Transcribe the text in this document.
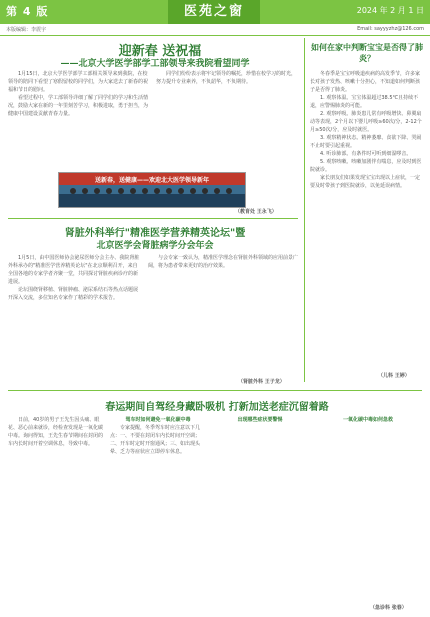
第 4 版	医苑之窗	2024 年 2 月 1 日
本版编辑：李震宇	Email: sayyyzhz@126.com
迎新春 送祝福
——北京大学医学部学工部领导来我院看望同学

1月15日，北京大学医学部学工部相关领导来到我院，在校领导的陪同下看望了寒假留校的同学们，为大家送去了新春的祝福和节日的慰问。

看望过程中，学工部领导详细了解了同学们的学习和生活情况，鼓励大家在新的一年里刻苦学习，积极进取，勇于担当，为健康中国建设贡献青春力量。

同学们纷纷表示将牢记领导的嘱托，珍惜在校学习的时光，努力提升专业素养，不负韶华，不负期待。

送新春，送健康——欢迎北大医学领导新年
（教育处 王永飞）
肾脏外科举行"精准医学营养精英论坛"暨
北京医学会肾脏病学分会年会

1月5日，由中国医师协会泌尿医师分会主办、我院肾脏外科承办的"精准医学营养精英论坛"在北京顺利召开，来自全国各地的专家学者齐聚一堂，共同探讨肾脏疾病诊疗的新进展。

论坛围绕肾移植、肾脏肿瘤、泌尿系结石等热点话题展开深入交流，多位知名专家作了精彩的学术报告。

与会专家一致认为，精准医学理念在肾脏外科领域的应用前景广阔，将为患者带来更好的治疗效果。

（肾脏外科 王子龙）
如何在家中判断宝宝是否得了肺炎？

冬春季是宝宝呼吸道疾病的高发季节，许多家长对孩子发热、咳嗽十分担心，不知道如何判断孩子是否得了肺炎。

1. 观察体温。宝宝体温超过38.5℃且持续不退，应警惕肺炎的可能。

2. 观察呼吸。肺炎患儿常有呼吸增快、鼻翼扇动等表现，2个月以下婴儿呼吸≥60次/分，2-12个月≥50次/分，应及时就医。

3. 观察精神状态。精神萎靡、食欲下降、哭闹不止时要引起重视。

4. 听诊肺部。有条件时可听到细湿啰音。

5. 观察咳嗽。咳嗽加剧伴有喘息，应及时到医院就诊。

家长朋友们如果发现宝宝出现以上症状，一定要及时带孩子到医院就诊，以免延误病情。

（儿科 王婷）
春运期间自驾经身藏卧吸机 打新加送老症沉留着路

日前，40岁的男子王先生因头痛、眼花、恶心前来就诊，经检查发现是一氧化碳中毒。询问得知，王先生春节期间在封闭的车内长时间开着空调休息，导致中毒。

驾车时如何避免一氧化碳中毒

专家提醒，冬季驾车时应注意以下几点：一、不要在封闭车内长时间开空调；二、开车时定时开窗通风；三、如出现头晕、乏力等症状应立即停车休息。

出现哪些症状要警惕	一氧化碳中毒如何急救
（急诊科 张春）
